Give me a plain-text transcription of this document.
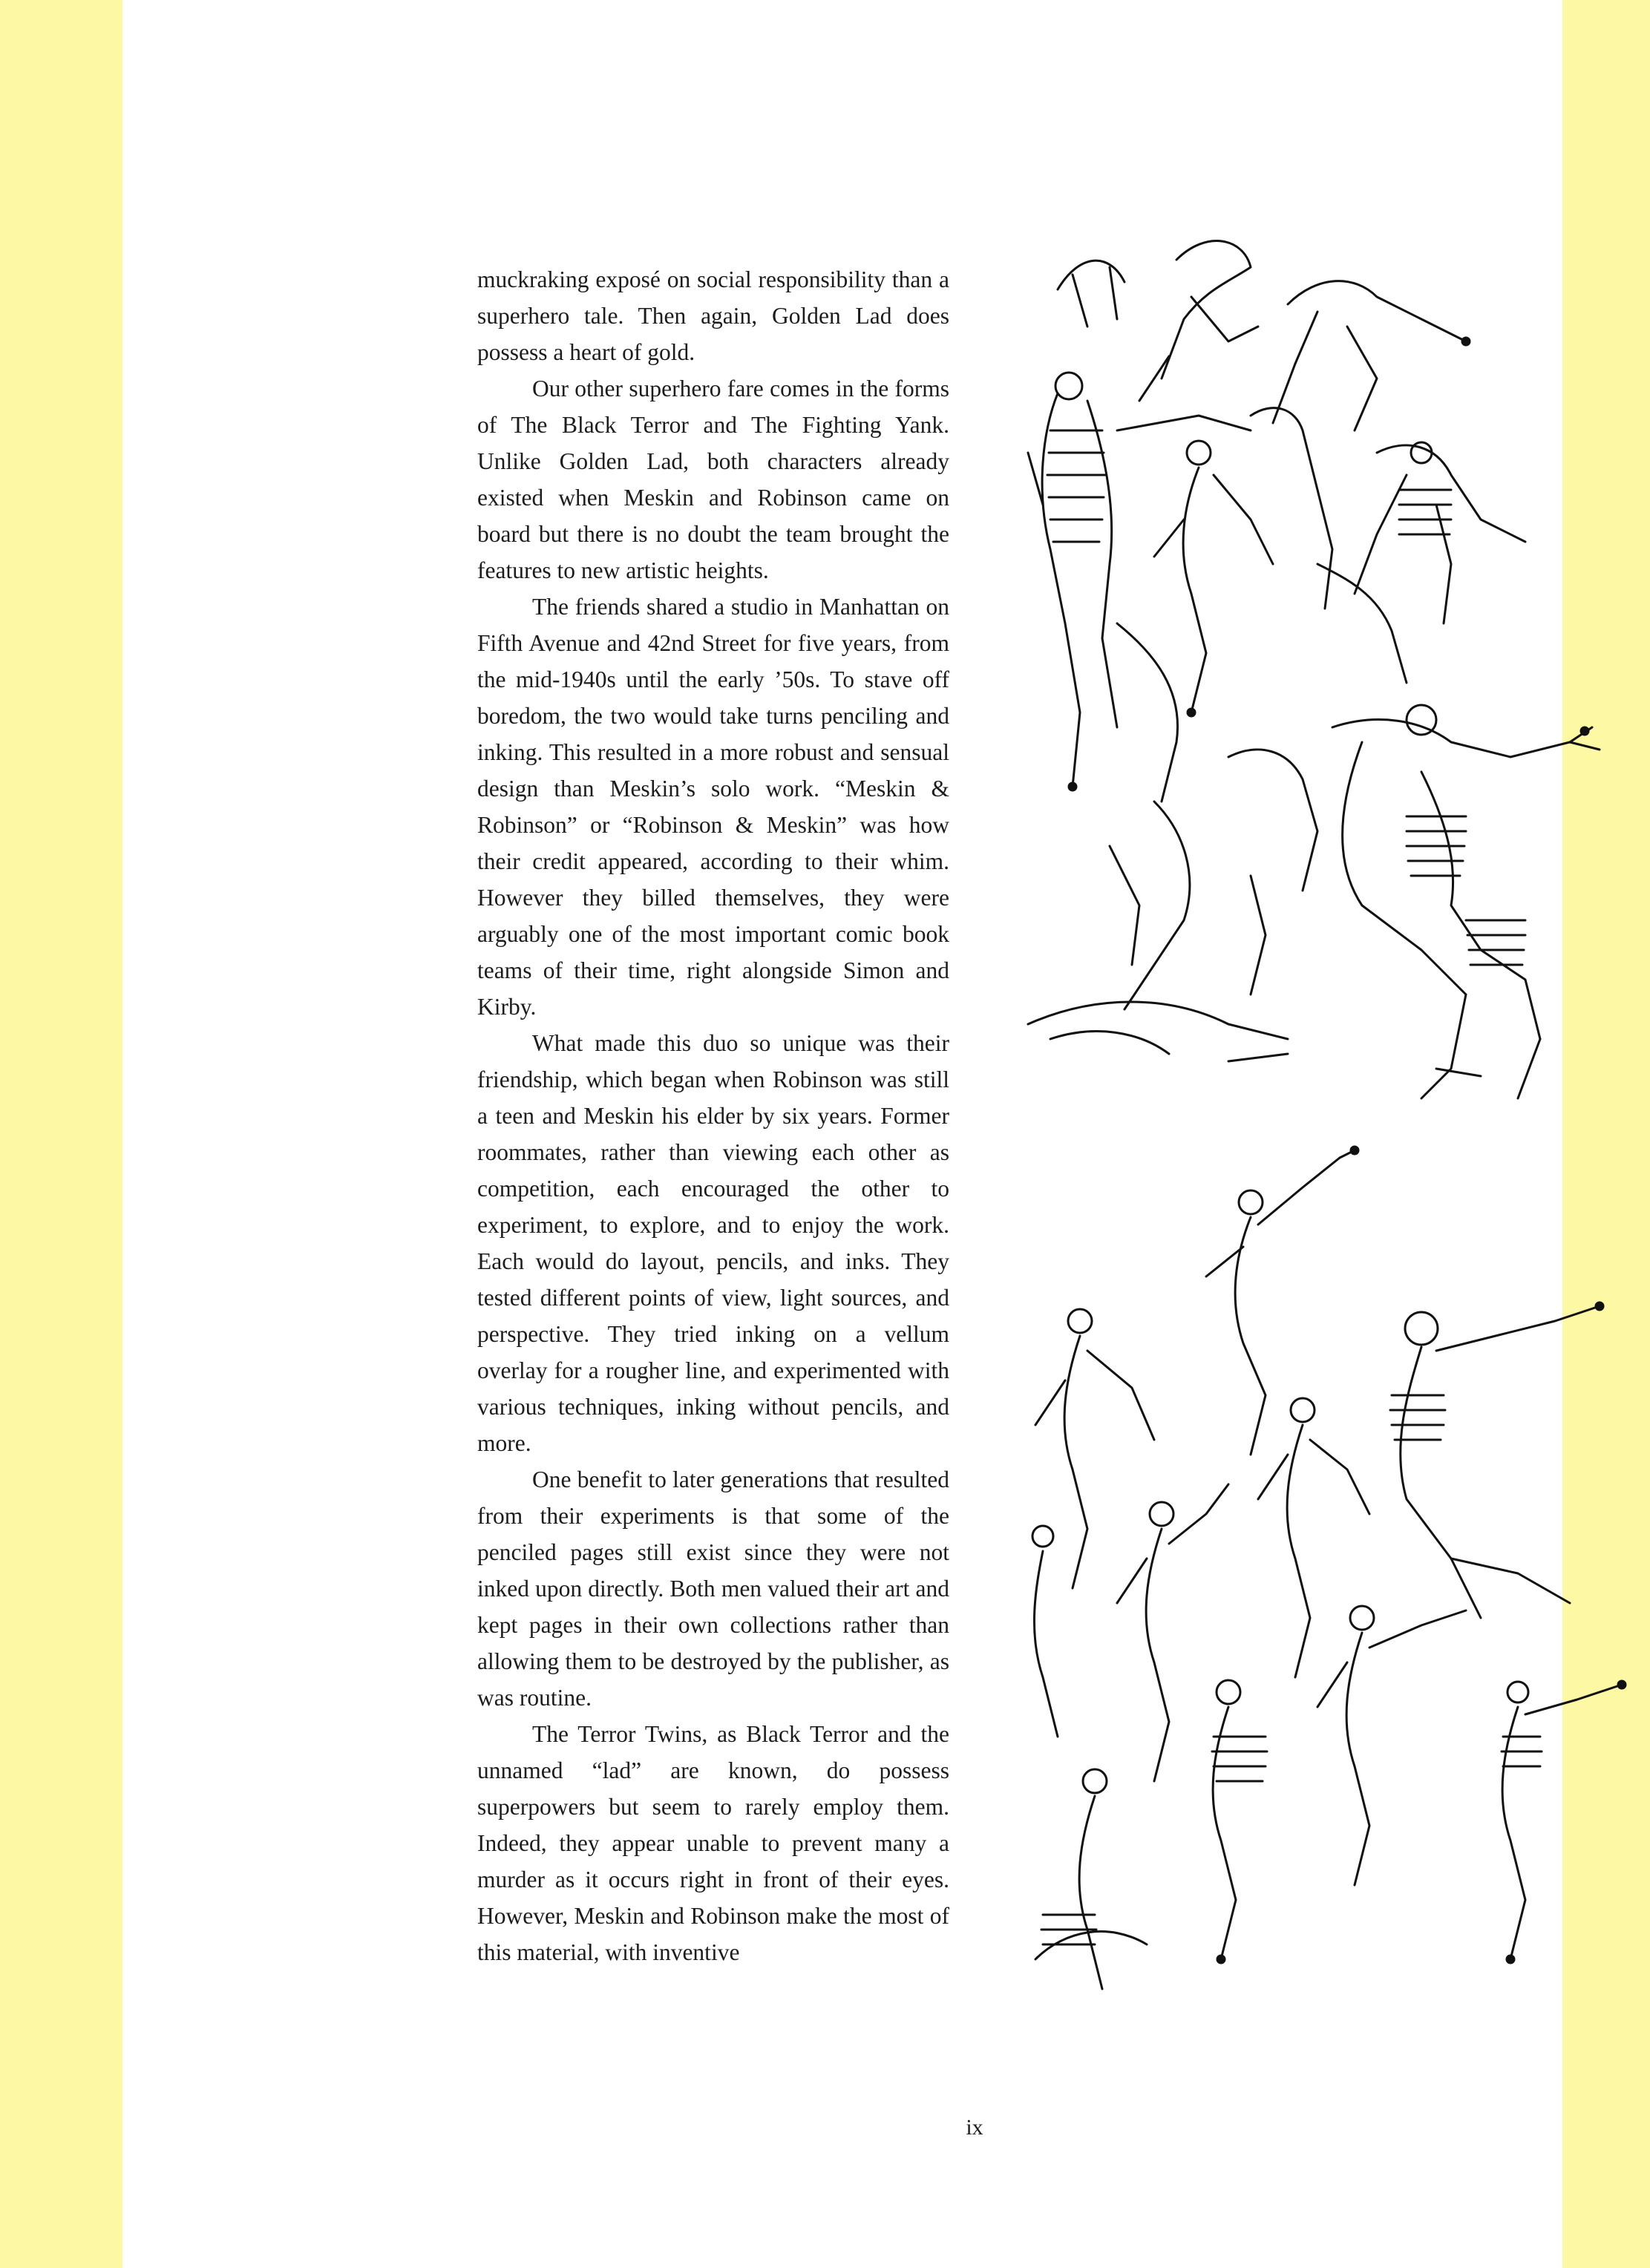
muckraking exposé on social responsibility than a superhero tale. Then again, Golden Lad does possess a heart of gold.

Our other superhero fare comes in the forms of The Black Terror and The Fighting Yank. Unlike Golden Lad, both characters already existed when Meskin and Robinson came on board but there is no doubt the team brought the features to new artistic heights.

The friends shared a studio in Manhattan on Fifth Avenue and 42nd Street for five years, from the mid-1940s until the early ’50s. To stave off boredom, the two would take turns penciling and inking. This resulted in a more robust and sensual design than Meskin’s solo work. “Meskin & Robinson” or “Robinson & Meskin” was how their credit appeared, according to their whim. However they billed themselves, they were arguably one of the most important comic book teams of their time, right alongside Simon and Kirby.

What made this duo so unique was their friendship, which began when Robinson was still a teen and Meskin his elder by six years. Former roommates, rather than viewing each other as competition, each encouraged the other to experiment, to explore, and to enjoy the work. Each would do layout, pencils, and inks. They tested different points of view, light sources, and perspective. They tried inking on a vellum overlay for a rougher line, and experimented with various techniques, inking without pencils, and more.

One benefit to later generations that resulted from their experiments is that some of the penciled pages still exist since they were not inked upon directly. Both men valued their art and kept pages in their own collections rather than allowing them to be destroyed by the publisher, as was routine.

The Terror Twins, as Black Terror and the unnamed “lad” are known, do possess superpowers but seem to rarely employ them. Indeed, they appear unable to prevent many a murder as it occurs right in front of their eyes. However, Meskin and Robinson make the most of this material, with inventive

ix
